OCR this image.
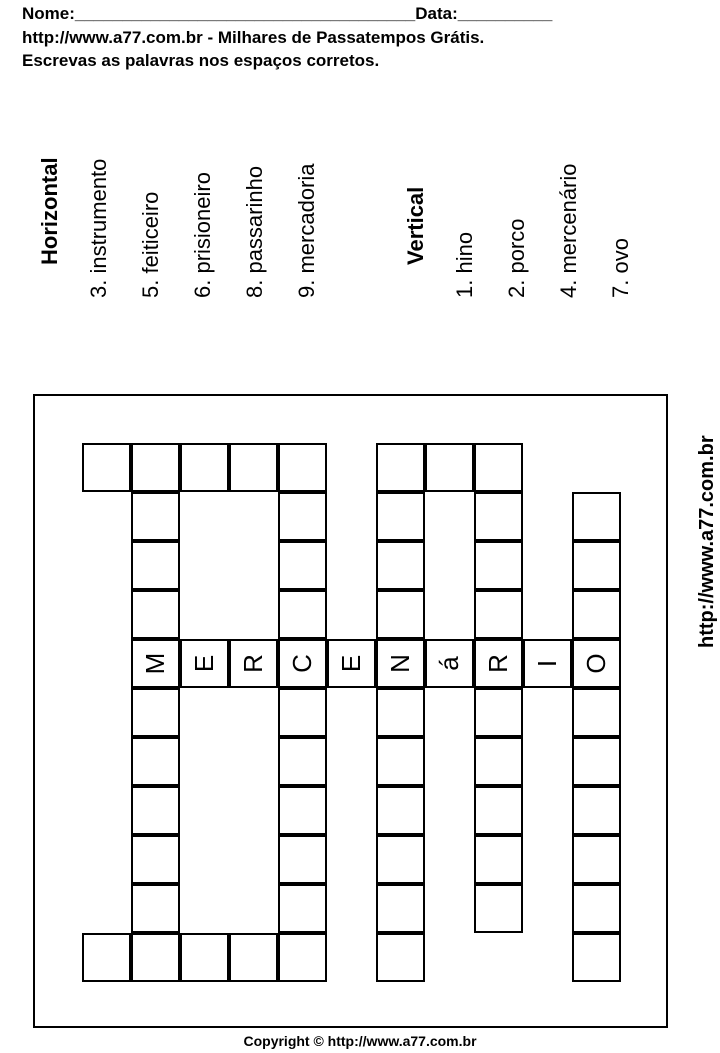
Nome:____________________________________Data:__________
http://www.a77.com.br - Milhares de Passatempos Grátis.
Escrevas as palavras nos espaços corretos.
Horizontal 3. instrumento 5. feiticeiro 6. prisioneiro 8. passarinho 9. mercadoria	Vertical 1. hino 2. porco 4. mercenário 7. ovo
M E R C E N á R I O
http://www.a77.com.br
Copyright © http://www.a77.com.br
